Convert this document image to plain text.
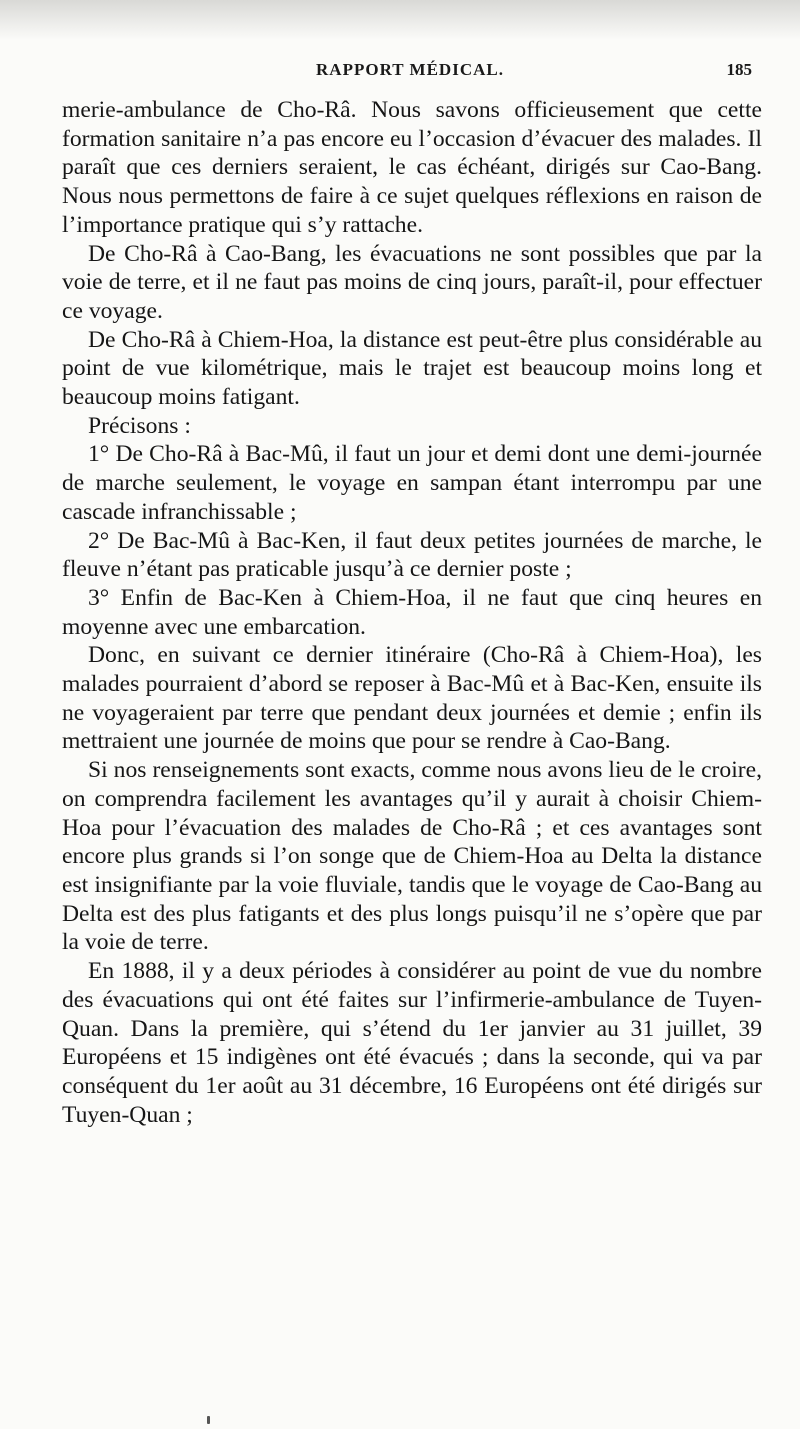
RAPPORT MÉDICAL.	185

merie-ambulance de Cho-Râ. Nous savons officieusement que cette formation sanitaire n’a pas encore eu l’occasion d’évacuer des malades. Il paraît que ces derniers seraient, le cas échéant, dirigés sur Cao-Bang. Nous nous permettons de faire à ce sujet quelques réflexions en raison de l’importance pratique qui s’y rattache.

De Cho-Râ à Cao-Bang, les évacuations ne sont possibles que par la voie de terre, et il ne faut pas moins de cinq jours, paraît-il, pour effectuer ce voyage.

De Cho-Râ à Chiem-Hoa, la distance est peut-être plus considérable au point de vue kilométrique, mais le trajet est beaucoup moins long et beaucoup moins fatigant.

Précisons :

1° De Cho-Râ à Bac-Mû, il faut un jour et demi dont une demi-journée de marche seulement, le voyage en sampan étant interrompu par une cascade infranchissable ;

2° De Bac-Mû à Bac-Ken, il faut deux petites journées de marche, le fleuve n’étant pas praticable jusqu’à ce dernier poste ;

3° Enfin de Bac-Ken à Chiem-Hoa, il ne faut que cinq heures en moyenne avec une embarcation.

Donc, en suivant ce dernier itinéraire (Cho-Râ à Chiem-Hoa), les malades pourraient d’abord se reposer à Bac-Mû et à Bac-Ken, ensuite ils ne voyageraient par terre que pendant deux journées et demie ; enfin ils mettraient une journée de moins que pour se rendre à Cao-Bang.

Si nos renseignements sont exacts, comme nous avons lieu de le croire, on comprendra facilement les avantages qu’il y aurait à choisir Chiem-Hoa pour l’évacuation des malades de Cho-Râ ; et ces avantages sont encore plus grands si l’on songe que de Chiem-Hoa au Delta la distance est insignifiante par la voie fluviale, tandis que le voyage de Cao-Bang au Delta est des plus fatigants et des plus longs puisqu’il ne s’opère que par la voie de terre.

En 1888, il y a deux périodes à considérer au point de vue du nombre des évacuations qui ont été faites sur l’infirmerie-ambulance de Tuyen-Quan. Dans la première, qui s’étend du 1er janvier au 31 juillet, 39 Européens et 15 indigènes ont été évacués ; dans la seconde, qui va par conséquent du 1er août au 31 décembre, 16 Européens ont été dirigés sur Tuyen-Quan ;
